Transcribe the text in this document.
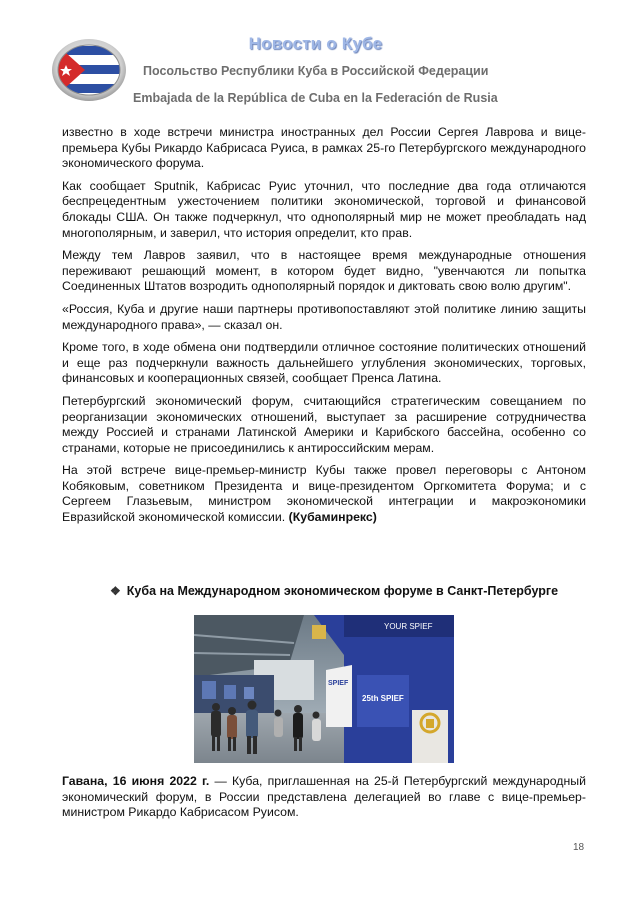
Новости о Кубе
Посольство Республики Куба в Российской Федерации
Embajada de la República de Cuba en la Federación de Rusia

известно в ходе встречи министра иностранных дел России Сергея Лаврова и вице-премьера Кубы Рикардо Кабрисаса Руиса, в рамках 25-го Петербургского международного экономического форума.

Как сообщает Sputnik, Кабрисас Руис уточнил, что последние два года отличаются беспрецедентным ужесточением политики экономической, торговой и финансовой блокады США. Он также подчеркнул, что однополярный мир не может преобладать над многополярным, и заверил, что история определит, кто прав.

Между тем Лавров заявил, что в настоящее время международные отношения переживают решающий момент, в котором будет видно, "увенчаются ли попытка Соединенных Штатов возродить однополярный порядок и диктовать свою волю другим".

«Россия, Куба и другие наши партнеры противопоставляют этой политике линию защиты международного права», — сказал он.

Кроме того, в ходе обмена они подтвердили отличное состояние политических отношений и еще раз подчеркнули важность дальнейшего углубления экономических, торговых, финансовых и кооперационных связей, сообщает Пренса Латина.

Петербургский экономический форум, считающийся стратегическим совещанием по реорганизации экономических отношений, выступает за расширение сотрудничества между Россией и странами Латинской Америки и Карибского бассейна, особенно со странами, которые не присоединились к антироссийским мерам.

На этой встрече вице-премьер-министр Кубы также провел переговоры с Антоном Кобяковым, советником Президента и вице-президентом Оргкомитета Форума; и с Сергеем Глазьевым, министром экономической интеграции и макроэкономики Евразийской экономической комиссии. (Кубаминрекс)

❖ Куба на Международном экономическом форуме в Санкт-Петербурге
YOUR SPIEF
SPIEF
25th SPIEF

Гавана, 16 июня 2022 г. — Куба, приглашенная на 25-й Петербургский международный экономический форум, в России представлена делегацией во главе с вице-премьер-министром Рикардо Кабрисасом Руисом.

18
